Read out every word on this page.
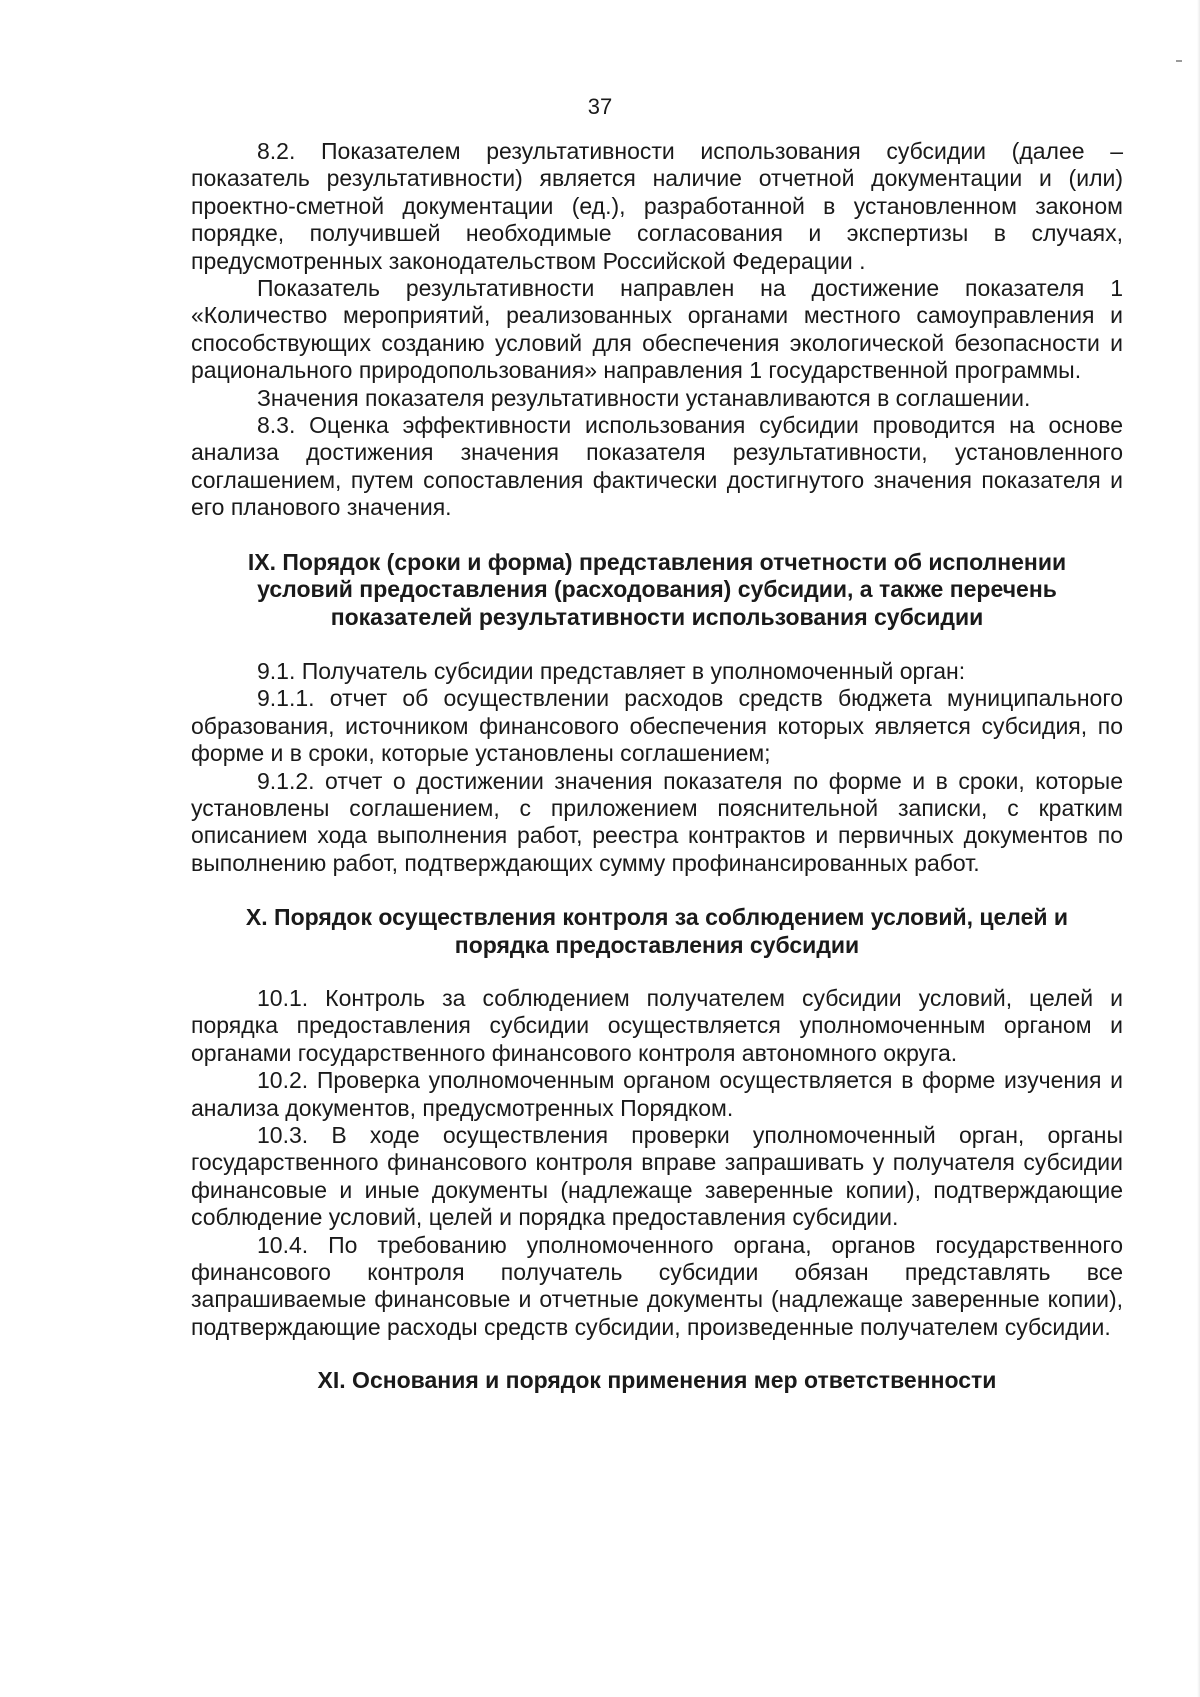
37

8.2. Показателем результативности использования субсидии (далее – показатель результативности) является наличие отчетной документации и (или) проектно-сметной документации (ед.), разработанной в установленном законом порядке, получившей необходимые согласования и экспертизы в случаях, предусмотренных законодательством Российской Федерации .

Показатель результативности направлен на достижение показателя 1 «Количество мероприятий, реализованных органами местного самоуправления и способствующих созданию условий для обеспечения экологической безопасности и рационального природопользования» направления 1 государственной программы.

Значения показателя результативности устанавливаются в соглашении.

8.3. Оценка эффективности использования субсидии проводится на основе анализа достижения значения показателя результативности, установленного соглашением, путем сопоставления фактически достигнутого значения показателя и его планового значения.

IX. Порядок (сроки и форма) представления отчетности об исполнении условий предоставления (расходования) субсидии, а также перечень показателей результативности использования субсидии

9.1. Получатель субсидии представляет в уполномоченный орган:

9.1.1. отчет об осуществлении расходов средств бюджета муниципального образования, источником финансового обеспечения которых является субсидия, по форме и в сроки, которые установлены соглашением;

9.1.2. отчет о достижении значения показателя по форме и в сроки, которые установлены соглашением, с приложением пояснительной записки, с кратким описанием хода выполнения работ, реестра контрактов и первичных документов по выполнению работ, подтверждающих сумму профинансированных работ.

X. Порядок осуществления контроля за соблюдением условий, целей и порядка предоставления субсидии

10.1. Контроль за соблюдением получателем субсидии условий, целей и порядка предоставления субсидии осуществляется уполномоченным органом и органами государственного финансового контроля автономного округа.

10.2. Проверка уполномоченным органом осуществляется в форме изучения и анализа документов, предусмотренных Порядком.

10.3. В ходе осуществления проверки уполномоченный орган, органы государственного финансового контроля вправе запрашивать у получателя субсидии финансовые и иные документы (надлежаще заверенные копии), подтверждающие соблюдение условий, целей и порядка предоставления субсидии.

10.4. По требованию уполномоченного органа, органов государственного финансового контроля получатель субсидии обязан представлять все запрашиваемые финансовые и отчетные документы (надлежаще заверенные копии), подтверждающие расходы средств субсидии, произведенные получателем субсидии.

XI. Основания и порядок применения мер ответственности
